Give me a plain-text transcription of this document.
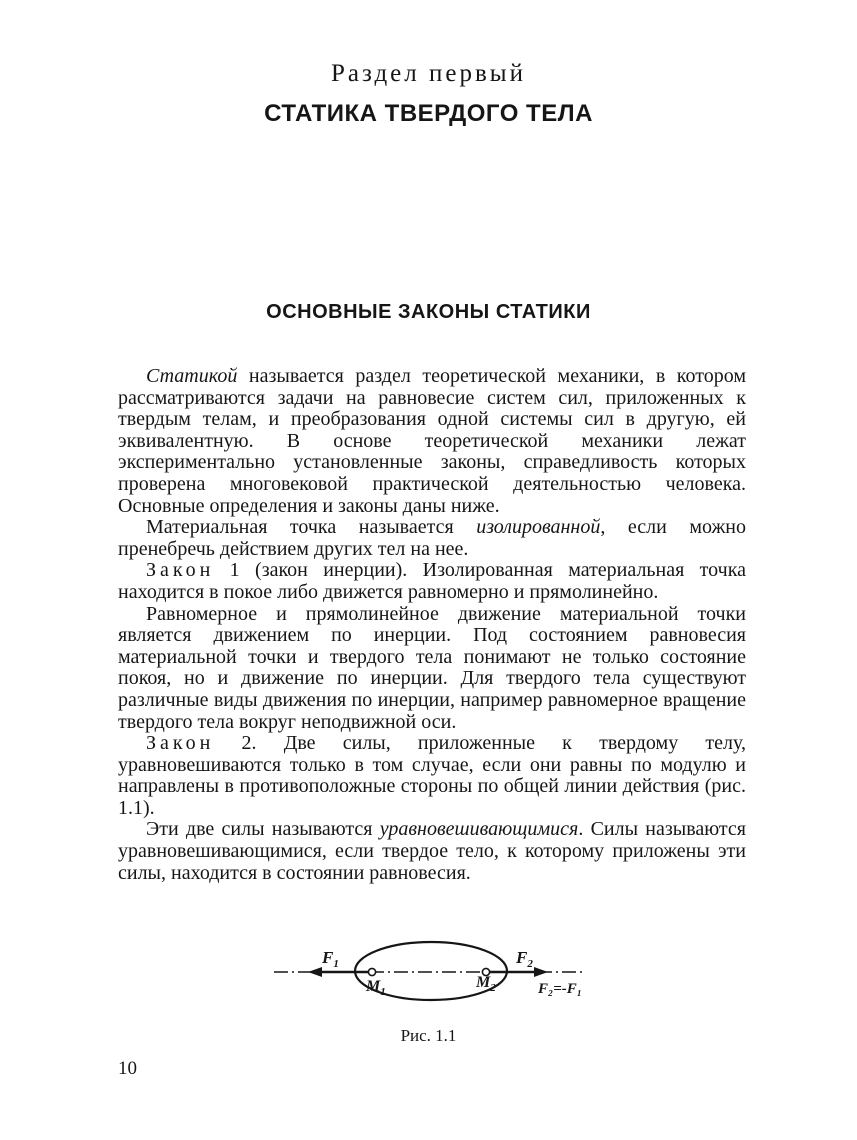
Раздел первый
СТАТИКА ТВЕРДОГО ТЕЛА
ОСНОВНЫЕ ЗАКОНЫ СТАТИКИ

Статикой называется раздел теоретической механики, в котором рассматриваются задачи на равновесие систем сил, приложенных к твердым телам, и преобразования одной системы сил в другую, ей эквивалентную. В основе теоретической механики лежат экспериментально установленные законы, справедливость которых проверена многовековой практической деятельностью человека. Основные определения и законы даны ниже.

Материальная точка называется изолированной, если можно пренебречь действием других тел на нее.

Закон 1 (закон инерции). Изолированная материальная точка находится в покое либо движется равномерно и прямолинейно.

Равномерное и прямолинейное движение материальной точки является движением по инерции. Под состоянием равновесия материальной точки и твердого тела понимают не только состояние покоя, но и движение по инерции. Для твердого тела существуют различные виды движения по инерции, например равномерное вращение твердого тела вокруг неподвижной оси.

Закон 2. Две силы, приложенные к твердому телу, уравновешиваются только в том случае, если они равны по модулю и направлены в противоположные стороны по общей линии действия (рис. 1.1).

Эти две силы называются уравновешивающимися. Силы называются уравновешивающимися, если твердое тело, к которому приложены эти силы, находится в состоянии равновесия.

$F_1$	$F_2$
$M_1$
$M_2$	F₂=-F₁
Рис. 1.1
10
